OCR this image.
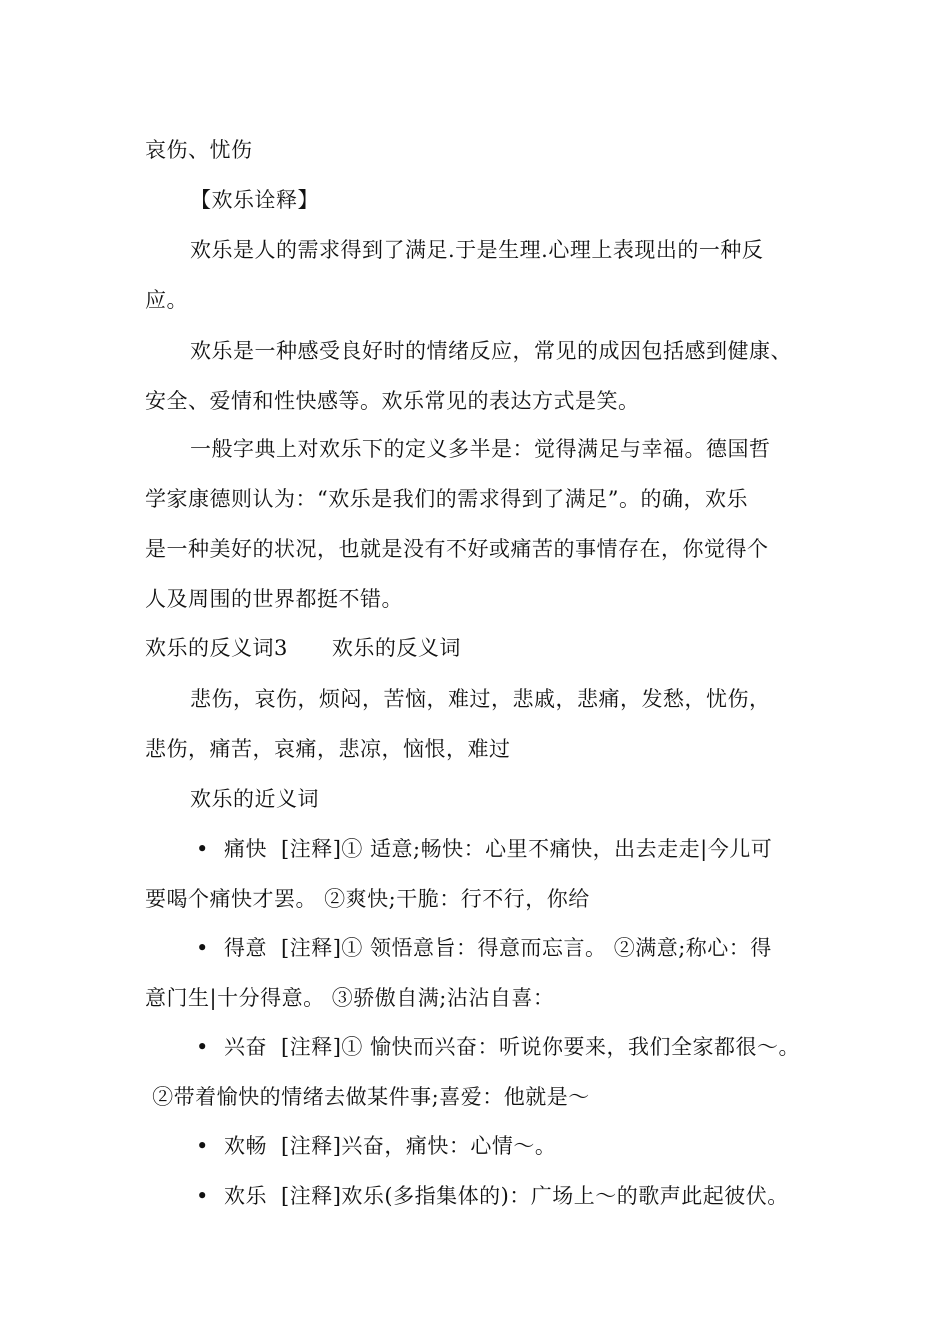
哀伤、忧伤
【欢乐诠释】
欢乐是人的需求得到了满足.于是生理.心理上表现出的一种反
应。
欢乐是一种感受良好时的情绪反应，常见的成因包括感到健康、
安全、爱情和性快感等。欢乐常见的表达方式是笑。
一般字典上对欢乐下的定义多半是：觉得满足与幸福。德国哲
学家康德则认为：“欢乐是我们的需求得到了满足”。的确，欢乐
是一种美好的状况，也就是没有不好或痛苦的事情存在，你觉得个
人及周围的世界都挺不错。
欢乐的反义词3 欢乐的反义词
悲伤，哀伤，烦闷，苦恼，难过，悲戚，悲痛，发愁，忧伤，
悲伤，痛苦，哀痛，悲凉，恼恨，难过
欢乐的近义词
• 痛快 [注释]① 适意;畅快：心里不痛快，出去走走|今儿可
要喝个痛快才罢。 ②爽快;干脆：行不行，你给
• 得意 [注释]① 领悟意旨：得意而忘言。 ②满意;称心：得
意门生|十分得意。 ③骄傲自满;沾沾自喜：
• 兴奋 [注释]① 愉快而兴奋：听说你要来，我们全家都很～。
②带着愉快的情绪去做某件事;喜爱：他就是～
• 欢畅 [注释]兴奋，痛快：心情～。
• 欢乐 [注释]欢乐(多指集体的)：广场上～的歌声此起彼伏。
